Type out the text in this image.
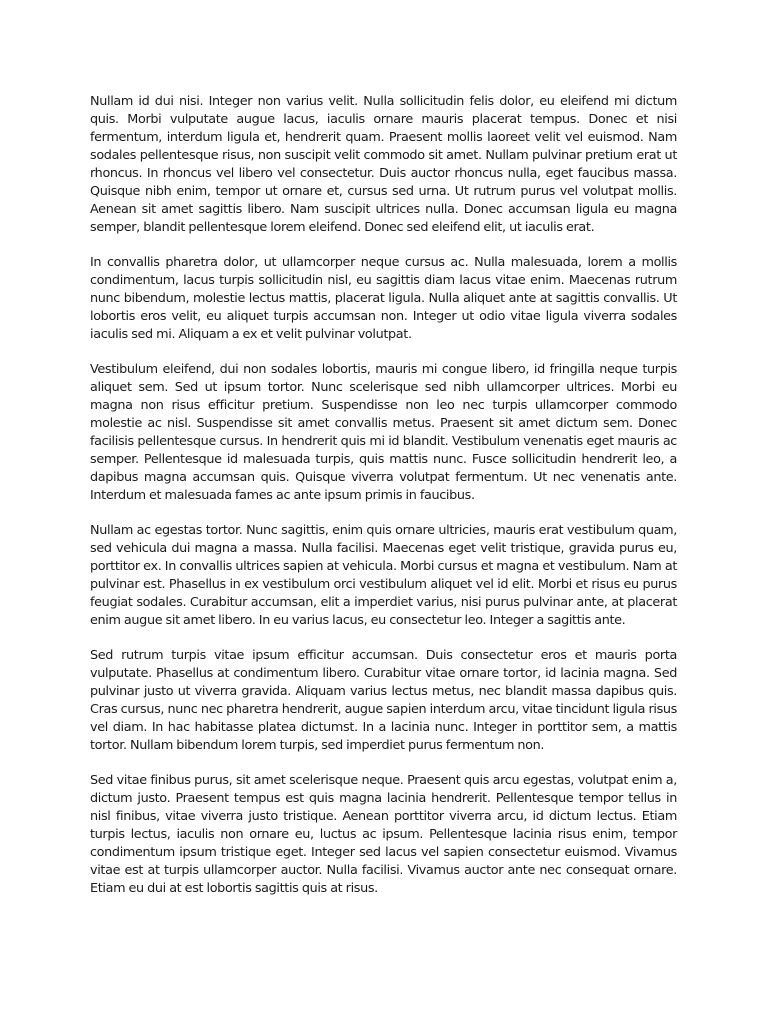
Nullam id dui nisi. Integer non varius velit. Nulla sollicitudin felis dolor, eu eleifend mi dictum quis. Morbi vulputate augue lacus, iaculis ornare mauris placerat tempus. Donec et nisi fermentum, interdum ligula et, hendrerit quam. Praesent mollis laoreet velit vel euismod. Nam sodales pellentesque risus, non suscipit velit commodo sit amet. Nullam pulvinar pretium erat ut rhoncus. In rhoncus vel libero vel consectetur. Duis auctor rhoncus nulla, eget faucibus massa. Quisque nibh enim, tempor ut ornare et, cursus sed urna. Ut rutrum purus vel volutpat mollis. Aenean sit amet sagittis libero. Nam suscipit ultrices nulla. Donec accumsan ligula eu magna semper, blandit pellentesque lorem eleifend. Donec sed eleifend elit, ut iaculis erat.

In convallis pharetra dolor, ut ullamcorper neque cursus ac. Nulla malesuada, lorem a mollis condimentum, lacus turpis sollicitudin nisl, eu sagittis diam lacus vitae enim. Maecenas rutrum nunc bibendum, molestie lectus mattis, placerat ligula. Nulla aliquet ante at sagittis convallis. Ut lobortis eros velit, eu aliquet turpis accumsan non. Integer ut odio vitae ligula viverra sodales iaculis sed mi. Aliquam a ex et velit pulvinar volutpat.

Vestibulum eleifend, dui non sodales lobortis, mauris mi congue libero, id fringilla neque turpis aliquet sem. Sed ut ipsum tortor. Nunc scelerisque sed nibh ullamcorper ultrices. Morbi eu magna non risus efficitur pretium. Suspendisse non leo nec turpis ullamcorper commodo molestie ac nisl. Suspendisse sit amet convallis metus. Praesent sit amet dictum sem. Donec facilisis pellentesque cursus. In hendrerit quis mi id blandit. Vestibulum venenatis eget mauris ac semper. Pellentesque id malesuada turpis, quis mattis nunc. Fusce sollicitudin hendrerit leo, a dapibus magna accumsan quis. Quisque viverra volutpat fermentum. Ut nec venenatis ante. Interdum et malesuada fames ac ante ipsum primis in faucibus.

Nullam ac egestas tortor. Nunc sagittis, enim quis ornare ultricies, mauris erat vestibulum quam, sed vehicula dui magna a massa. Nulla facilisi. Maecenas eget velit tristique, gravida purus eu, porttitor ex. In convallis ultrices sapien at vehicula. Morbi cursus et magna et vestibulum. Nam at pulvinar est. Phasellus in ex vestibulum orci vestibulum aliquet vel id elit. Morbi et risus eu purus feugiat sodales. Curabitur accumsan, elit a imperdiet varius, nisi purus pulvinar ante, at placerat enim augue sit amet libero. In eu varius lacus, eu consectetur leo. Integer a sagittis ante.

Sed rutrum turpis vitae ipsum efficitur accumsan. Duis consectetur eros et mauris porta vulputate. Phasellus at condimentum libero. Curabitur vitae ornare tortor, id lacinia magna. Sed pulvinar justo ut viverra gravida. Aliquam varius lectus metus, nec blandit massa dapibus quis. Cras cursus, nunc nec pharetra hendrerit, augue sapien interdum arcu, vitae tincidunt ligula risus vel diam. In hac habitasse platea dictumst. In a lacinia nunc. Integer in porttitor sem, a mattis tortor. Nullam bibendum lorem turpis, sed imperdiet purus fermentum non.

Sed vitae finibus purus, sit amet scelerisque neque. Praesent quis arcu egestas, volutpat enim a, dictum justo. Praesent tempus est quis magna lacinia hendrerit. Pellentesque tempor tellus in nisl finibus, vitae viverra justo tristique. Aenean porttitor viverra arcu, id dictum lectus. Etiam turpis lectus, iaculis non ornare eu, luctus ac ipsum. Pellentesque lacinia risus enim, tempor condimentum ipsum tristique eget. Integer sed lacus vel sapien consectetur euismod. Vivamus vitae est at turpis ullamcorper auctor. Nulla facilisi. Vivamus auctor ante nec consequat ornare. Etiam eu dui at est lobortis sagittis quis at risus.
